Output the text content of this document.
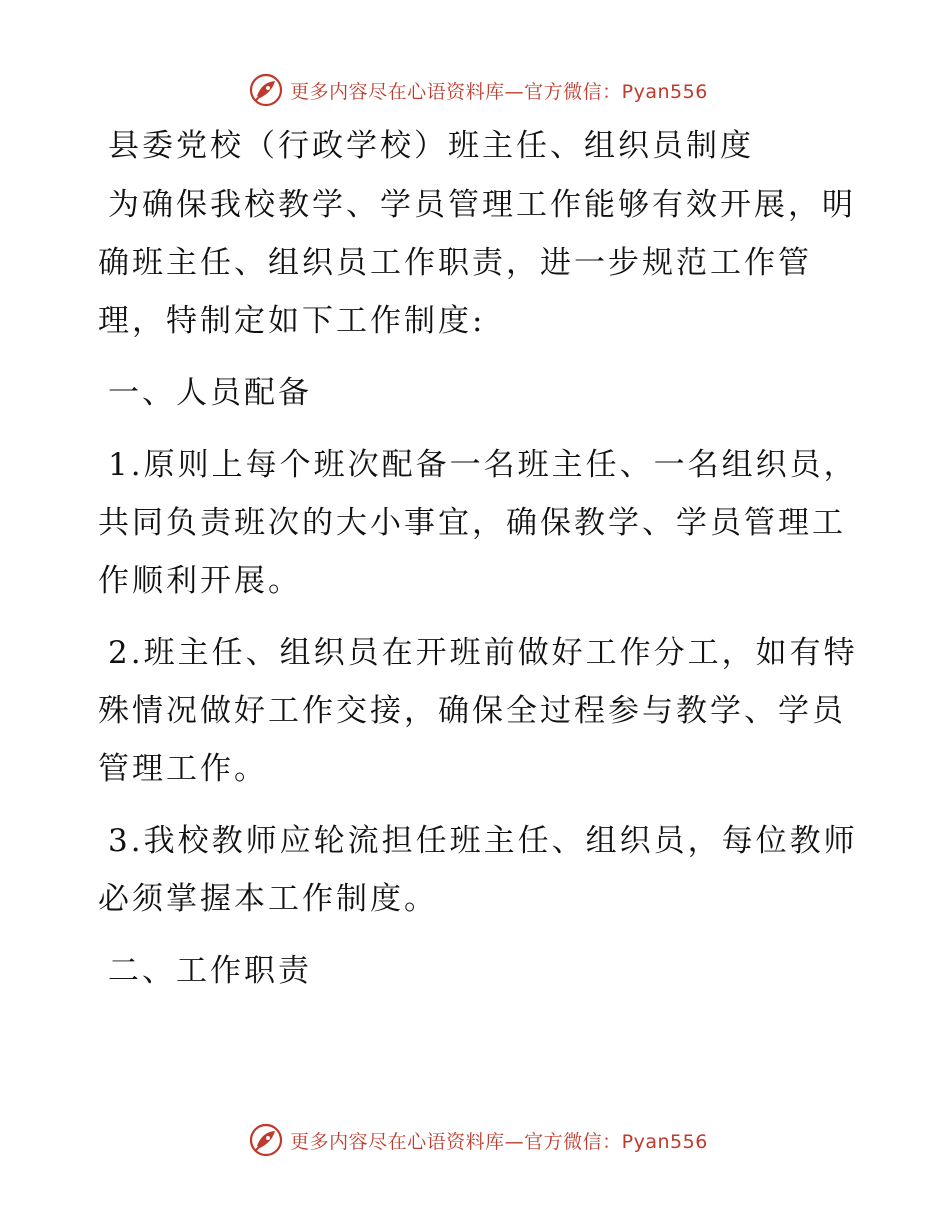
更多内容尽在心语资料库—官方微信：Pyan556
县委党校（行政学校）班主任、组织员制度

为确保我校教学、学员管理工作能够有效开展，明确班主任、组织员工作职责，进一步规范工作管理，特制定如下工作制度:

一、人员配备

1.原则上每个班次配备一名班主任、一名组织员，共同负责班次的大小事宜，确保教学、学员管理工作顺利开展。

2.班主任、组织员在开班前做好工作分工，如有特殊情况做好工作交接，确保全过程参与教学、学员管理工作。

3.我校教师应轮流担任班主任、组织员，每位教师必须掌握本工作制度。

二、工作职责
更多内容尽在心语资料库—官方微信：Pyan556
